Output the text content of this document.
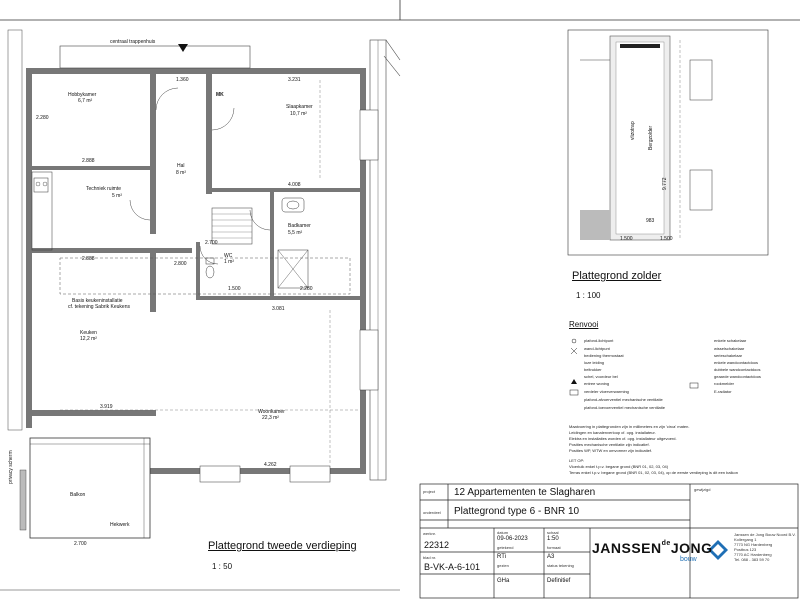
centraal trappenhuis
MK
Hobbykamer
6,7 m²
Slaapkamer
10,7 m²
Hal
8 m²
Techniek ruimte
5 m²
Badkamer
5,5 m²
WC
1 m²
Basis keukeninstallatie
cf. tekening Sabrik Keukens
Keuken
12,2 m²
Woonkamer
22,3 m²
Balkon
Hekwerk
privacy scherm
1.360	3.231
2.280
2.888
4.008
2.888
3.081
2.280
3.919
4.262
2.700
1.500
2.700
2.800
Plattegrond tweede verdieping
1 : 50
Bergzolder
vlizotrap
983
1.500	1.500
9.772
Plattegrond zolder
1 : 100
Renvooi
plafond-lichtpunt
wand-lichtpunt
bediening thermostaat
loze leiding
beltrukker
schel, voordeur bel
entree woning
verdeler vloerverwarming
plafond-afvoerventiel mechanische ventilatie
plafond-toevoerventiel mechanische ventilatie
enkele schakelaar
wisselschakelaar
serieschakelaar
enkele wandcontactdoos
dubbele wandcontactdoos
geaarde wandcontactdoos
rookmelder
E-radiator
Maatvoering in plattegronden zijn in millimeters en zijn 'circa' maten.
Leidingen en kanalenverloop cf. opg. installateur.
Elektra en installaties worden cf. opg. installateur uitgevoerd.
Posities mechanische ventilatie zijn indicatief.
Posities WP, WTW en omvormer zijn indicatief.
LET OP:
Vloerluik enkel t.p.v. begane grond (BNR 01, 02, 03, 04)
Terras enkel t.p.v. begane grond (BNR 01, 02, 03, 04), op de eerste verdieping is dit een balkon
project 12 Appartementen te Slagharen
onderdeel Plattegrond type 6 - BNR 10
gewijzigd
werknr.
22312
blad nr.
B-VK-A-6-101
datum
09-06-2023
schaal
1:50
getekend
RTi
formaat
A3
gezien
GHa
status tekening
Definitief
$JANSSEN^{de}JONG$
bouw
Janssen de Jong Bouw Noord B.V.
Kollergang 1
7773 NG Hardenberg
Postbus 123
7770 AC Hardenberg
Tel. 088 - 383 59 70
